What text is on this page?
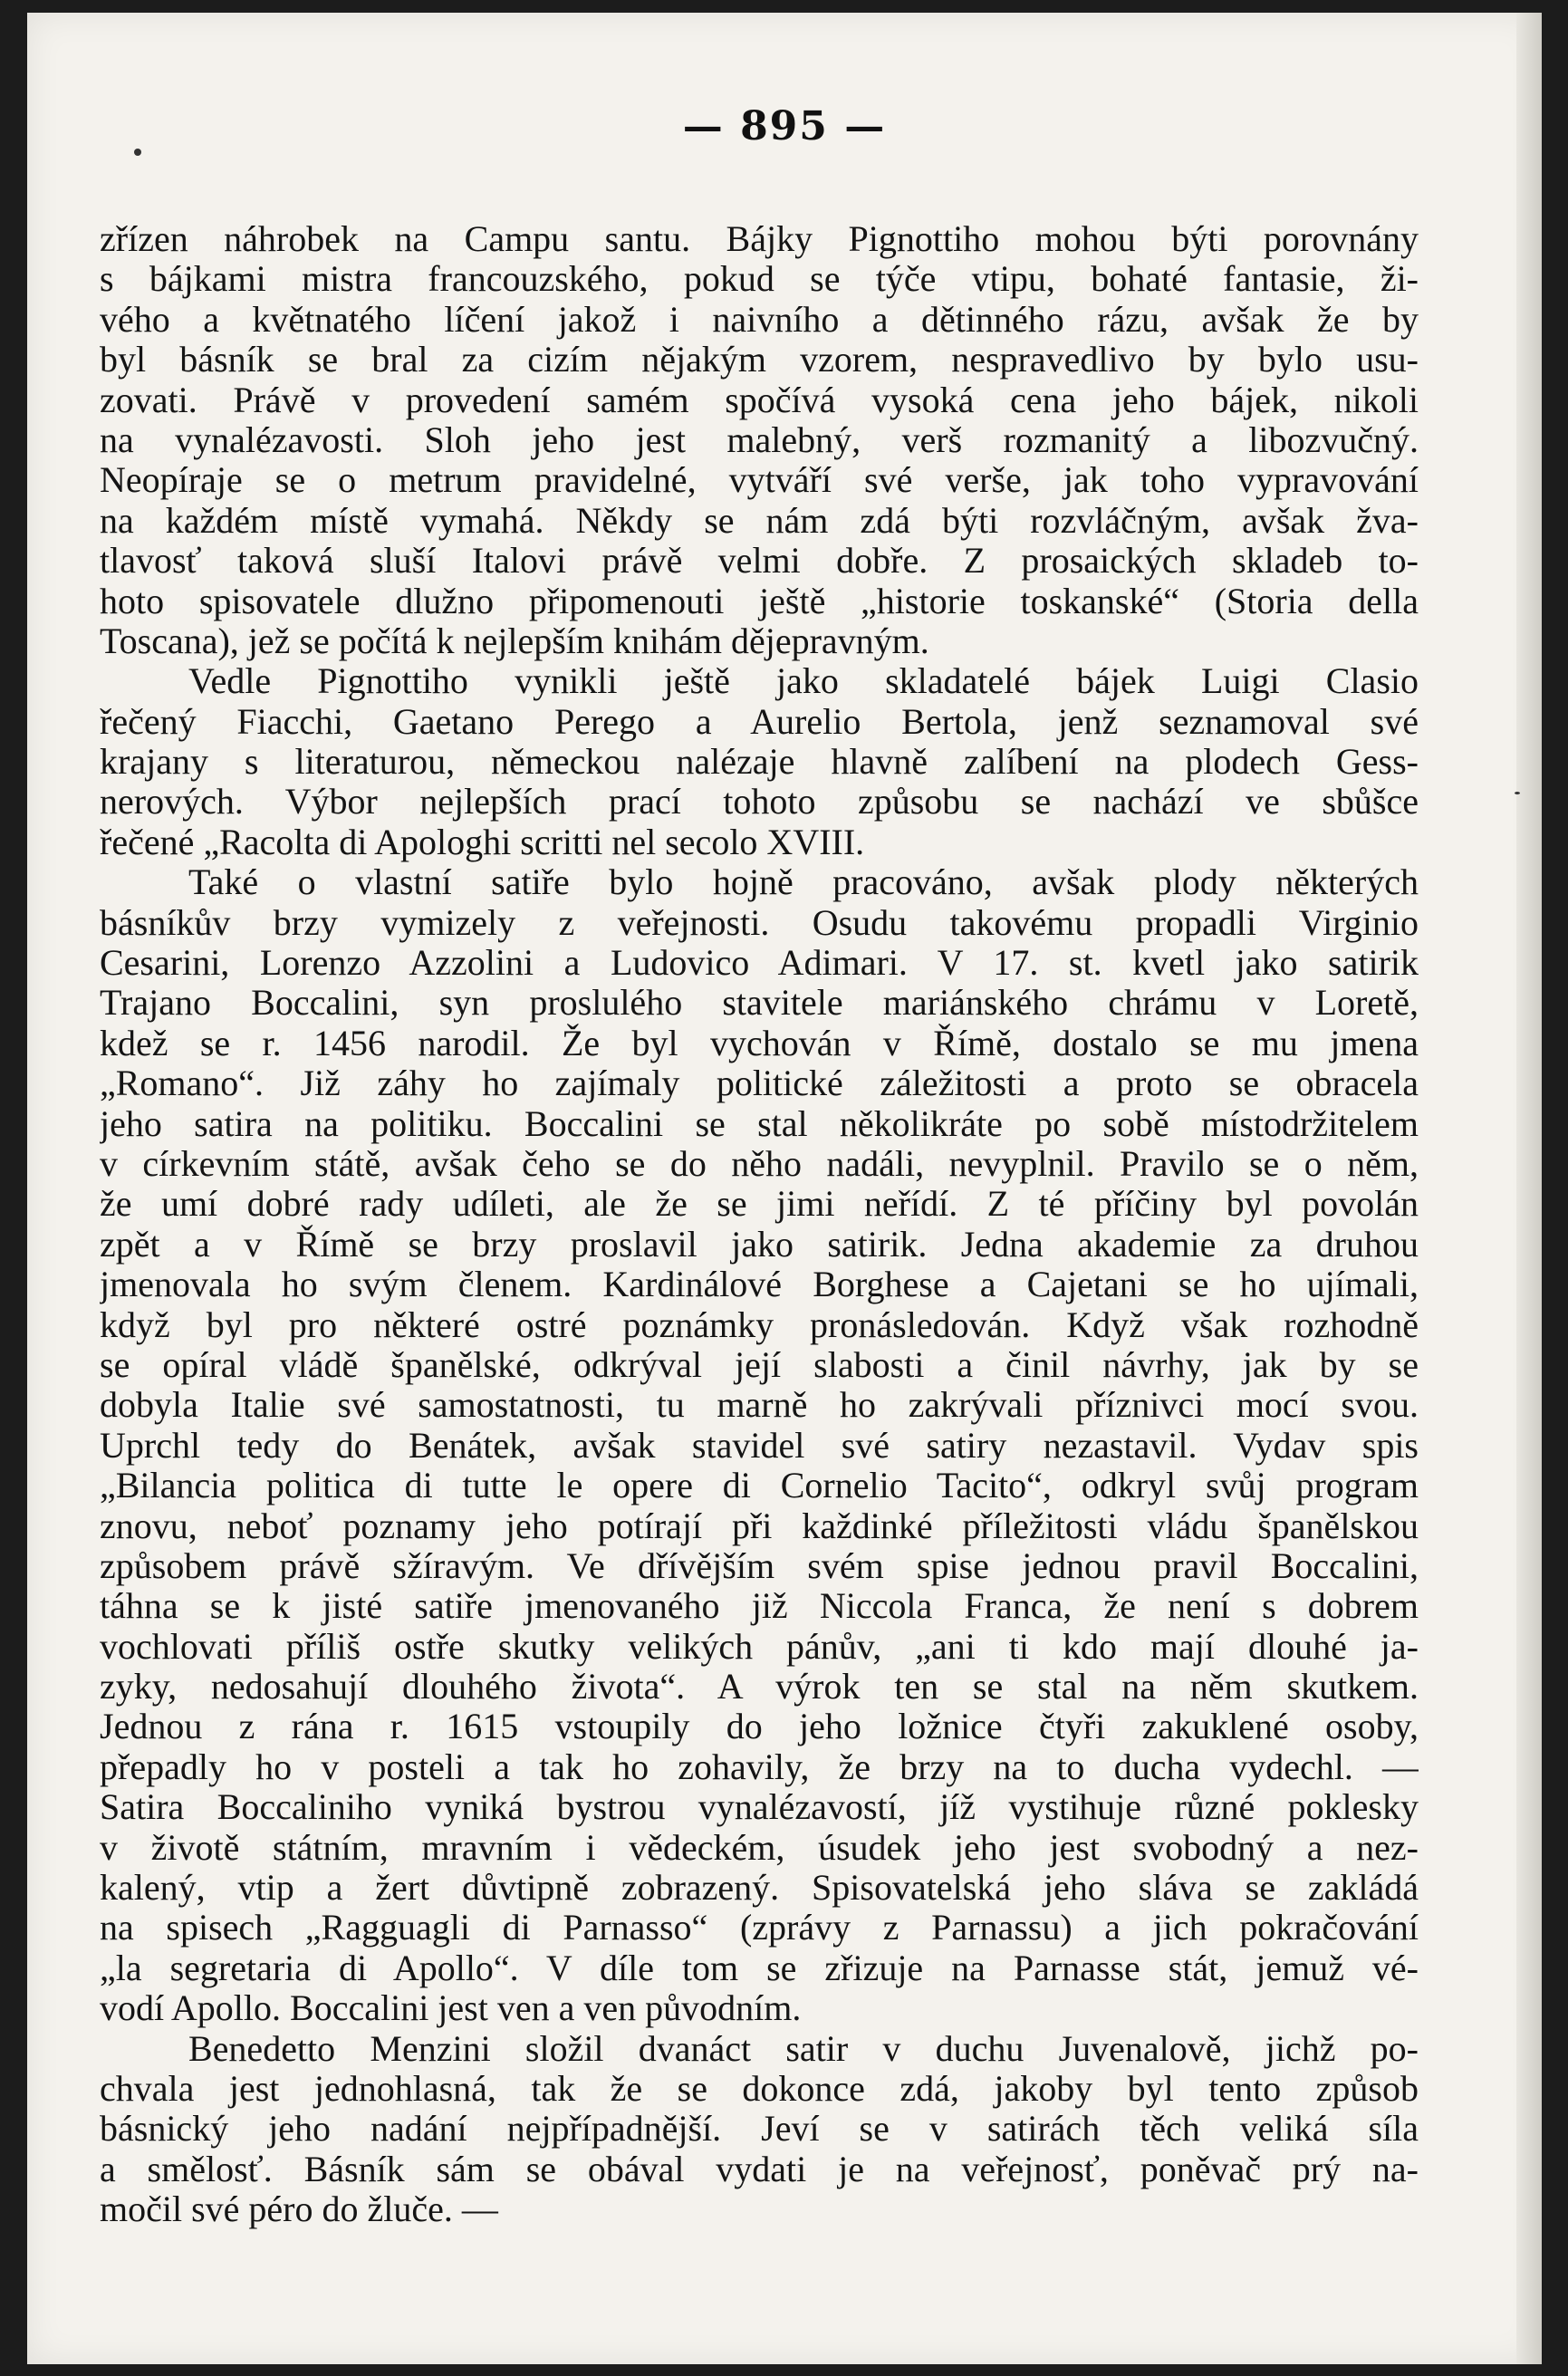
— 895 —
zřízen náhrobek na Campu santu. Bájky Pignottiho mohou býti porovnány
s bájkami mistra francouzského, pokud se týče vtipu, bohaté fantasie, ži-
vého a květnatého líčení jakož i naivního a dětinného rázu, avšak že by
byl básník se bral za cizím nějakým vzorem, nespravedlivo by bylo usu-
zovati. Právě v provedení samém spočívá vysoká cena jeho bájek, nikoli
na vynalézavosti. Sloh jeho jest malebný, verš rozmanitý a libozvučný.
Neopíraje se o metrum pravidelné, vytváří své verše, jak toho vypravování
na každém místě vymahá. Někdy se nám zdá býti rozvláčným, avšak žva-
tlavosť taková sluší Italovi právě velmi dobře. Z prosaických skladeb to-
hoto spisovatele dlužno připomenouti ještě „historie toskanské“ (Storia della
Toscana), jež se počítá k nejlepším knihám dějepravným.
Vedle Pignottiho vynikli ještě jako skladatelé bájek Luigi Clasio
řečený Fiacchi, Gaetano Perego a Aurelio Bertola, jenž seznamoval své
krajany s literaturou, německou nalézaje hlavně zalíbení na plodech Gess-
nerových. Výbor nejlepších prací tohoto způsobu se nachází ve sbůšce
řečené „Racolta di Apologhi scritti nel secolo XVIII.
Také o vlastní satiře bylo hojně pracováno, avšak plody některých
básníkův brzy vymizely z veřejnosti. Osudu takovému propadli Virginio
Cesarini, Lorenzo Azzolini a Ludovico Adimari. V 17. st. kvetl jako satirik
Trajano Boccalini, syn proslulého stavitele mariánského chrámu v Loretě,
kdež se r. 1456 narodil. Že byl vychován v Římě, dostalo se mu jmena
„Romano“. Již záhy ho zajímaly politické záležitosti a proto se obracela
jeho satira na politiku. Boccalini se stal několikráte po sobě místodržitelem
v církevním státě, avšak čeho se do něho nadáli, nevyplnil. Pravilo se o něm,
že umí dobré rady udíleti, ale že se jimi neřídí. Z té příčiny byl povolán
zpět a v Římě se brzy proslavil jako satirik. Jedna akademie za druhou
jmenovala ho svým členem. Kardinálové Borghese a Cajetani se ho ujímali,
když byl pro některé ostré poznámky pronásledován. Když však rozhodně
se opíral vládě španělské, odkrýval její slabosti a činil návrhy, jak by se
dobyla Italie své samostatnosti, tu marně ho zakrývali příznivci mocí svou.
Uprchl tedy do Benátek, avšak stavidel své satiry nezastavil. Vydav spis
„Bilancia politica di tutte le opere di Cornelio Tacito“, odkryl svůj program
znovu, neboť poznamy jeho potírají při každinké příležitosti vládu španělskou
způsobem právě sžíravým. Ve dřívějším svém spise jednou pravil Boccalini,
táhna se k jisté satiře jmenovaného již Niccola Franca, že není s dobrem
vochlovati příliš ostře skutky velikých pánův, „ani ti kdo mají dlouhé ja-
zyky, nedosahují dlouhého života“. A výrok ten se stal na něm skutkem.
Jednou z rána r. 1615 vstoupily do jeho ložnice čtyři zakuklené osoby,
přepadly ho v posteli a tak ho zohavily, že brzy na to ducha vydechl. —
Satira Boccaliniho vyniká bystrou vynalézavostí, jíž vystihuje různé poklesky
v životě státním, mravním i vědeckém, úsudek jeho jest svobodný a nez-
kalený, vtip a žert důvtipně zobrazený. Spisovatelská jeho sláva se zakládá
na spisech „Ragguagli di Parnasso“ (zprávy z Parnassu) a jich pokračování
„la segretaria di Apollo“. V díle tom se zřizuje na Parnasse stát, jemuž vé-
vodí Apollo. Boccalini jest ven a ven původním.
Benedetto Menzini složil dvanáct satir v duchu Juvenalově, jichž po-
chvala jest jednohlasná, tak že se dokonce zdá, jakoby byl tento způsob
básnický jeho nadání nejpřípadnější. Jeví se v satirách těch veliká síla
a smělosť. Básník sám se obával vydati je na veřejnosť, poněvač prý na-
močil své péro do žluče. —
